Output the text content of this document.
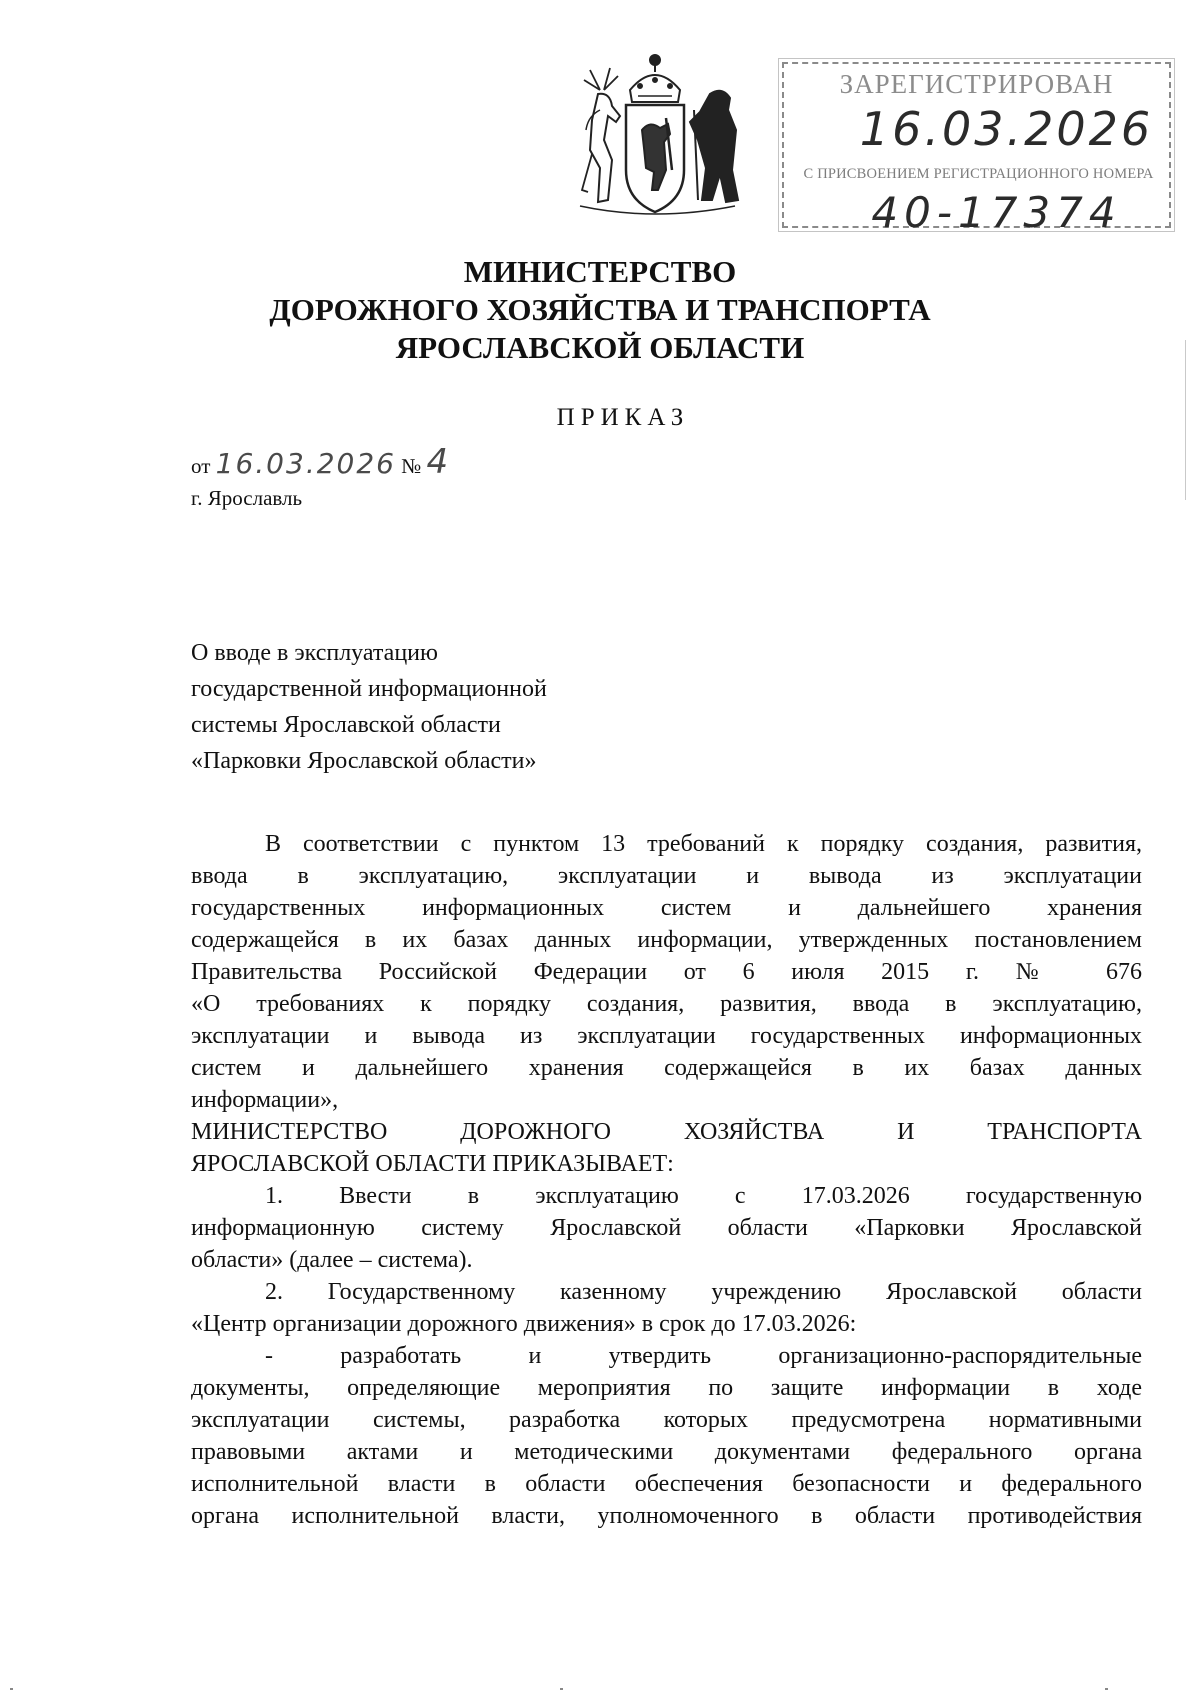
ЗАРЕГИСТРИРОВАН
16.03.2026
С ПРИСВОЕНИЕМ РЕГИСТРАЦИОННОГО НОМЕРА
40-17374
МИНИСТЕРСТВО
ДОРОЖНОГО ХОЗЯЙСТВА И ТРАНСПОРТА
ЯРОСЛАВСКОЙ ОБЛАСТИ
ПРИКАЗ
от 16.03.2026 № 4
г. Ярославль
О вводе в эксплуатацию
государственной информационной
системы Ярославской области
«Парковки Ярославской области»

В соответствии с пунктом 13 требований к порядку создания, развития,

ввода в эксплуатацию, эксплуатации и вывода из эксплуатации

государственных информационных систем и дальнейшего хранения

содержащейся в их базах данных информации, утвержденных постановлением

Правительства Российской Федерации от 6 июля 2015 г. № 676

«О требованиях к порядку создания, развития, ввода в эксплуатацию,

эксплуатации и вывода из эксплуатации государственных информационных

систем и дальнейшего хранения содержащейся в их базах данных

информации»,

МИНИСТЕРСТВО ДОРОЖНОГО ХОЗЯЙСТВА И ТРАНСПОРТА

ЯРОСЛАВСКОЙ ОБЛАСТИ ПРИКАЗЫВАЕТ:

1. Ввести в эксплуатацию с 17.03.2026 государственную

информационную систему Ярославской области «Парковки Ярославской

области» (далее – система).

2. Государственному казенному учреждению Ярославской области

«Центр организации дорожного движения» в срок до 17.03.2026:

- разработать и утвердить организационно-распорядительные

документы, определяющие мероприятия по защите информации в ходе

эксплуатации системы, разработка которых предусмотрена нормативными

правовыми актами и методическими документами федерального органа

исполнительной власти в области обеспечения безопасности и федерального

органа исполнительной власти, уполномоченного в области противодействия
